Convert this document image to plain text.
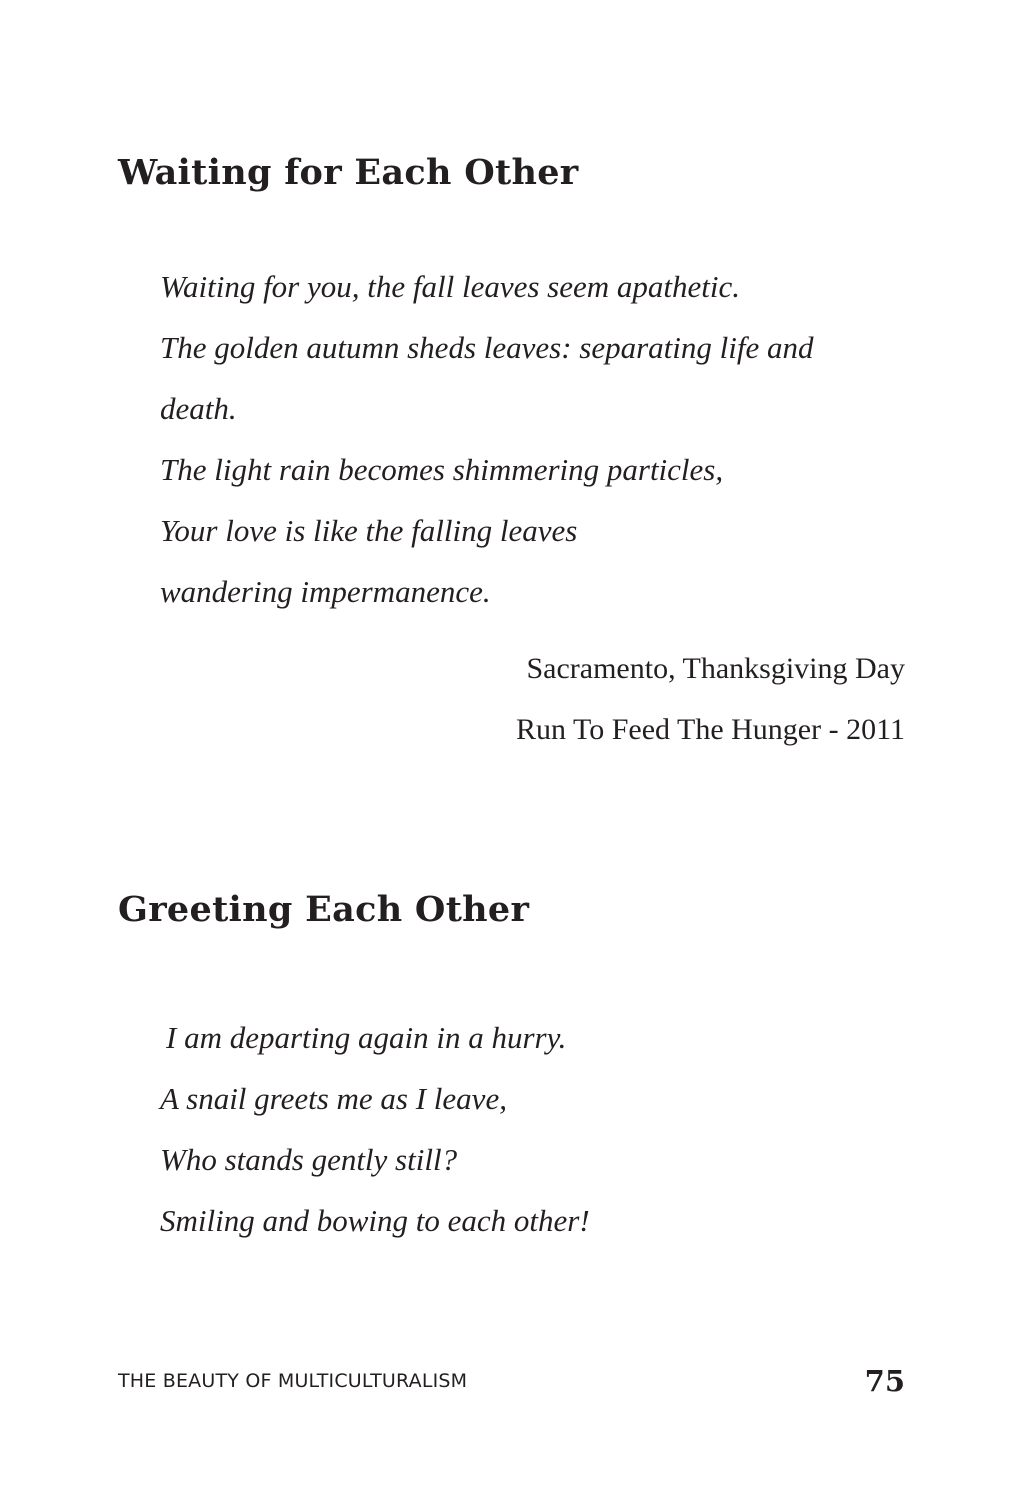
Waiting for Each Other
Waiting for you, the fall leaves seem apathetic.
The golden autumn sheds leaves: separating life and
death.
The light rain becomes shimmering particles,
Your love is like the falling leaves
wandering impermanence.
Sacramento, Thanksgiving Day
Run To Feed The Hunger - 2011
Greeting Each Other
I am departing again in a hurry.
A snail greets me as I leave,
Who stands gently still?
Smiling and bowing to each other!
THE BEAUTY OF MULTICULTURALISM	75
